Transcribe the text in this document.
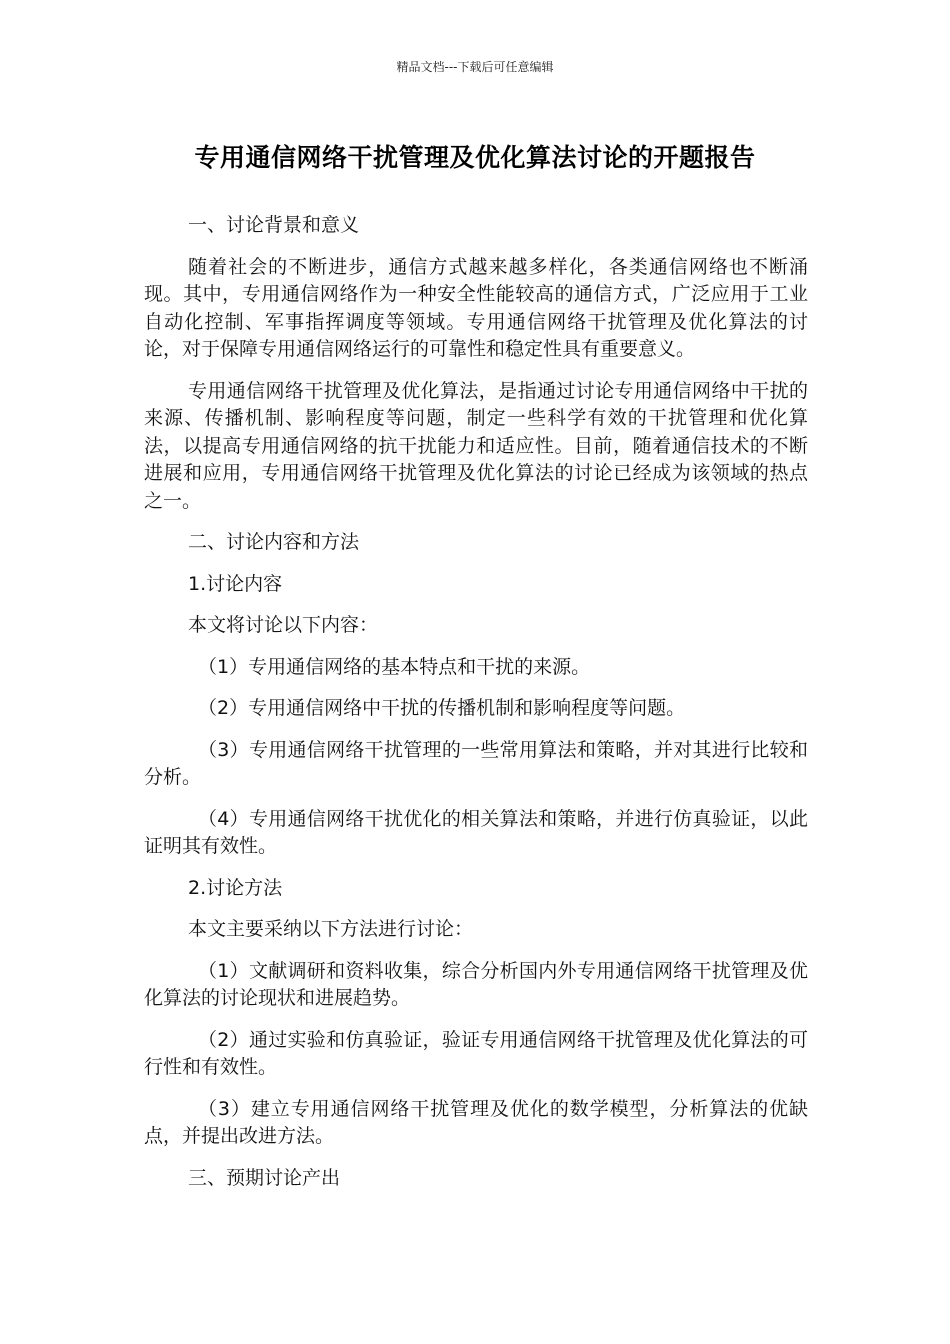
精品文档---下载后可任意编辑
专用通信网络干扰管理及优化算法讨论的开题报告

一、讨论背景和意义

随着社会的不断进步，通信方式越来越多样化，各类通信网络也不断涌现。其中，专用通信网络作为一种安全性能较高的通信方式，广泛应用于工业自动化控制、军事指挥调度等领域。专用通信网络干扰管理及优化算法的讨论，对于保障专用通信网络运行的可靠性和稳定性具有重要意义。

专用通信网络干扰管理及优化算法，是指通过讨论专用通信网络中干扰的来源、传播机制、影响程度等问题，制定一些科学有效的干扰管理和优化算法，以提高专用通信网络的抗干扰能力和适应性。目前，随着通信技术的不断进展和应用，专用通信网络干扰管理及优化算法的讨论已经成为该领域的热点之一。

二、讨论内容和方法

1.讨论内容

本文将讨论以下内容：

（1）专用通信网络的基本特点和干扰的来源。

（2）专用通信网络中干扰的传播机制和影响程度等问题。

（3）专用通信网络干扰管理的一些常用算法和策略，并对其进行比较和分析。

（4）专用通信网络干扰优化的相关算法和策略，并进行仿真验证，以此证明其有效性。

2.讨论方法

本文主要采纳以下方法进行讨论：

（1）文献调研和资料收集，综合分析国内外专用通信网络干扰管理及优化算法的讨论现状和进展趋势。

（2）通过实验和仿真验证，验证专用通信网络干扰管理及优化算法的可行性和有效性。

（3）建立专用通信网络干扰管理及优化的数学模型，分析算法的优缺点，并提出改进方法。

三、预期讨论产出
